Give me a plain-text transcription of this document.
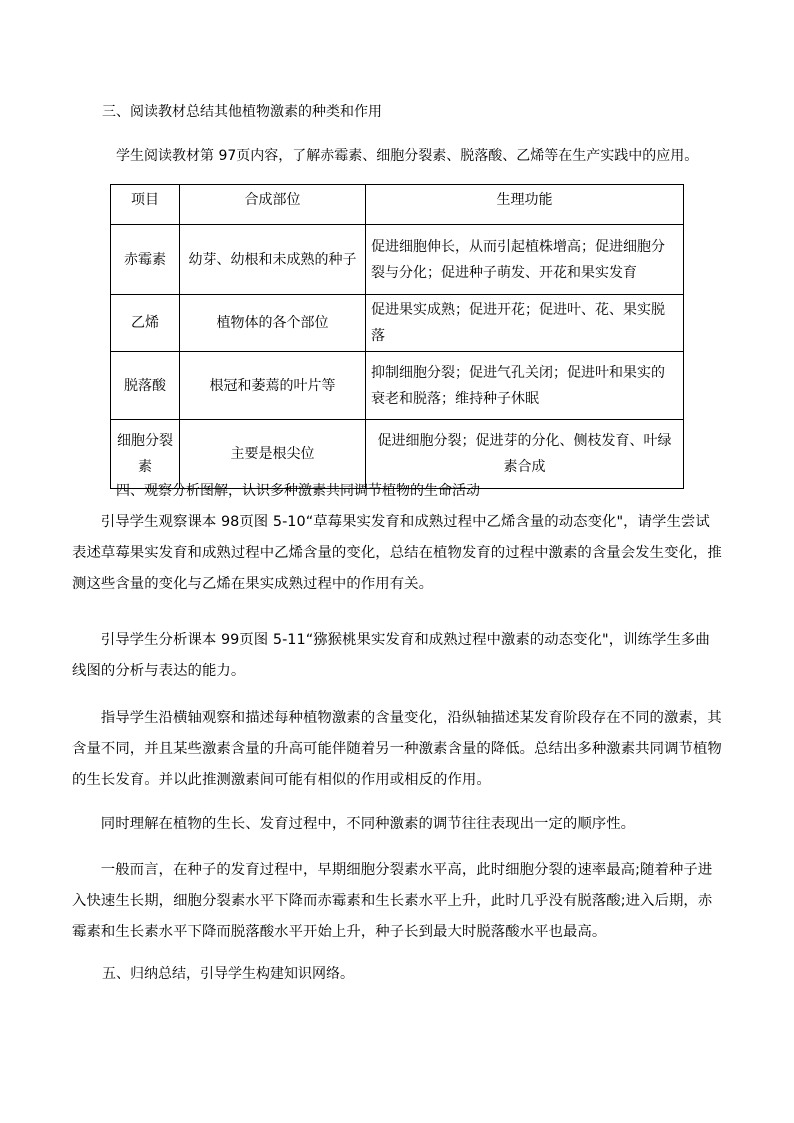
三、阅读教材总结其他植物激素的种类和作用
学生阅读教材第 97页内容，了解赤霉素、细胞分裂素、脱落酸、乙烯等在生产实践中的应用。
项目	合成部位	生理功能
赤霉素	幼芽、幼根和未成熟的种子	促进细胞伸长，从而引起植株增高；促进细胞分裂与分化；促进种子萌发、开花和果实发育
乙烯	植物体的各个部位	促进果实成熟；促进开花；促进叶、花、果实脱落
脱落酸	根冠和萎蔫的叶片等	抑制细胞分裂；促进气孔关闭；促进叶和果实的衰老和脱落；维持种子休眠
细胞分裂素	主要是根尖位	促进细胞分裂；促进芽的分化、侧枝发育、叶绿素合成
四、观察分析图解，认识多种激素共同调节植物的生命活动

引导学生观察课本 98页图 5-10“草莓果实发育和成熟过程中乙烯含量的动态变化"，请学生尝试表述草莓果实发育和成熟过程中乙烯含量的变化，总结在植物发育的过程中激素的含量会发生变化，推测这些含量的变化与乙烯在果实成熟过程中的作用有关。

引导学生分析课本 99页图 5-11“猕猴桃果实发育和成熟过程中激素的动态变化"，训练学生多曲线图的分析与表达的能力。

指导学生沿横轴观察和描述每种植物激素的含量变化，沿纵轴描述某发育阶段存在不同的激素，其含量不同，并且某些激素含量的升高可能伴随着另一种激素含量的降低。总结出多种激素共同调节植物的生长发育。并以此推测激素间可能有相似的作用或相反的作用。

同时理解在植物的生长、发育过程中，不同种激素的调节往往表现出一定的顺序性。

一般而言，在种子的发育过程中，早期细胞分裂素水平高，此时细胞分裂的速率最高;随着种子进入快速生长期，细胞分裂素水平下降而赤霉素和生长素水平上升，此时几乎没有脱落酸;进入后期，赤霉素和生长素水平下降而脱落酸水平开始上升，种子长到最大时脱落酸水平也最高。

五、归纳总结，引导学生构建知识网络。
